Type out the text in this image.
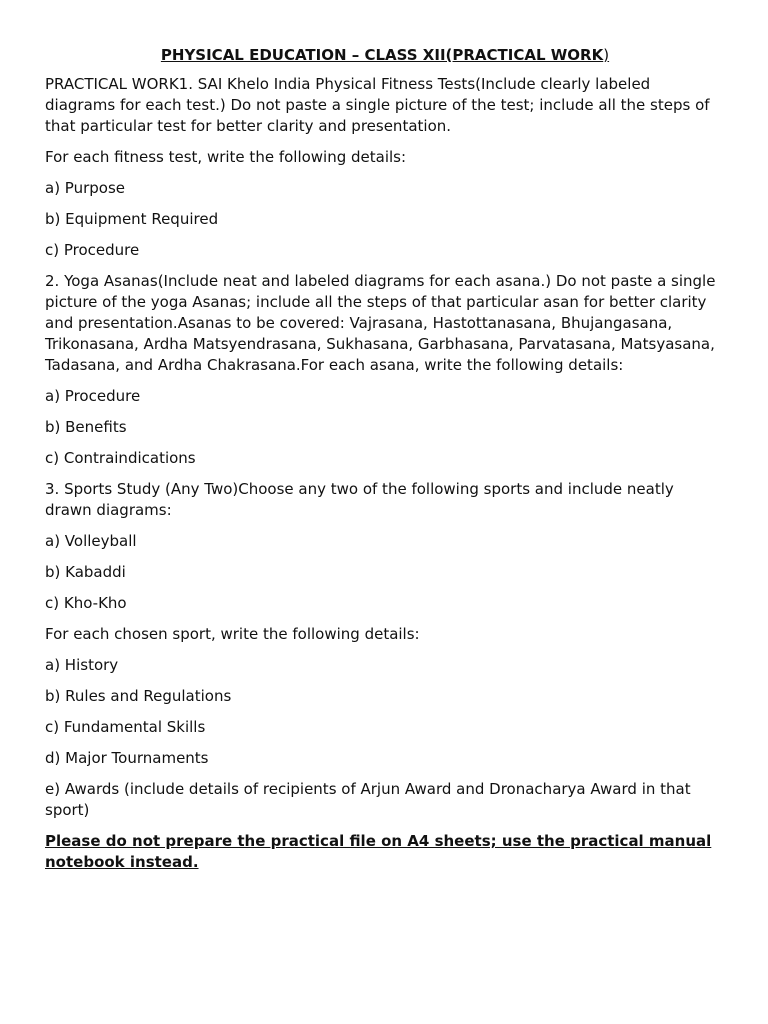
PHYSICAL EDUCATION – CLASS XII(PRACTICAL WORK)

PRACTICAL WORK1. SAI Khelo India Physical Fitness Tests(Include clearly labeled diagrams for each test.) Do not paste a single picture of the test; include all the steps of that particular test for better clarity and presentation.

For each fitness test, write the following details:

a) Purpose

b) Equipment Required

c) Procedure

2. Yoga Asanas(Include neat and labeled diagrams for each asana.) Do not paste a single picture of the yoga Asanas; include all the steps of that particular asan for better clarity and presentation.Asanas to be covered: Vajrasana, Hastottanasana, Bhujangasana, Trikonasana, Ardha Matsyendrasana, Sukhasana, Garbhasana, Parvatasana, Matsyasana, Tadasana, and Ardha Chakrasana.For each asana, write the following details:

a) Procedure

b) Benefits

c) Contraindications

3. Sports Study (Any Two)Choose any two of the following sports and include neatly drawn diagrams:

a) Volleyball

b) Kabaddi

c) Kho-Kho

For each chosen sport, write the following details:

a) History

b) Rules and Regulations

c) Fundamental Skills

d) Major Tournaments

e) Awards (include details of recipients of Arjun Award and Dronacharya Award in that sport)

Please do not prepare the practical file on A4 sheets; use the practical manual notebook instead.
